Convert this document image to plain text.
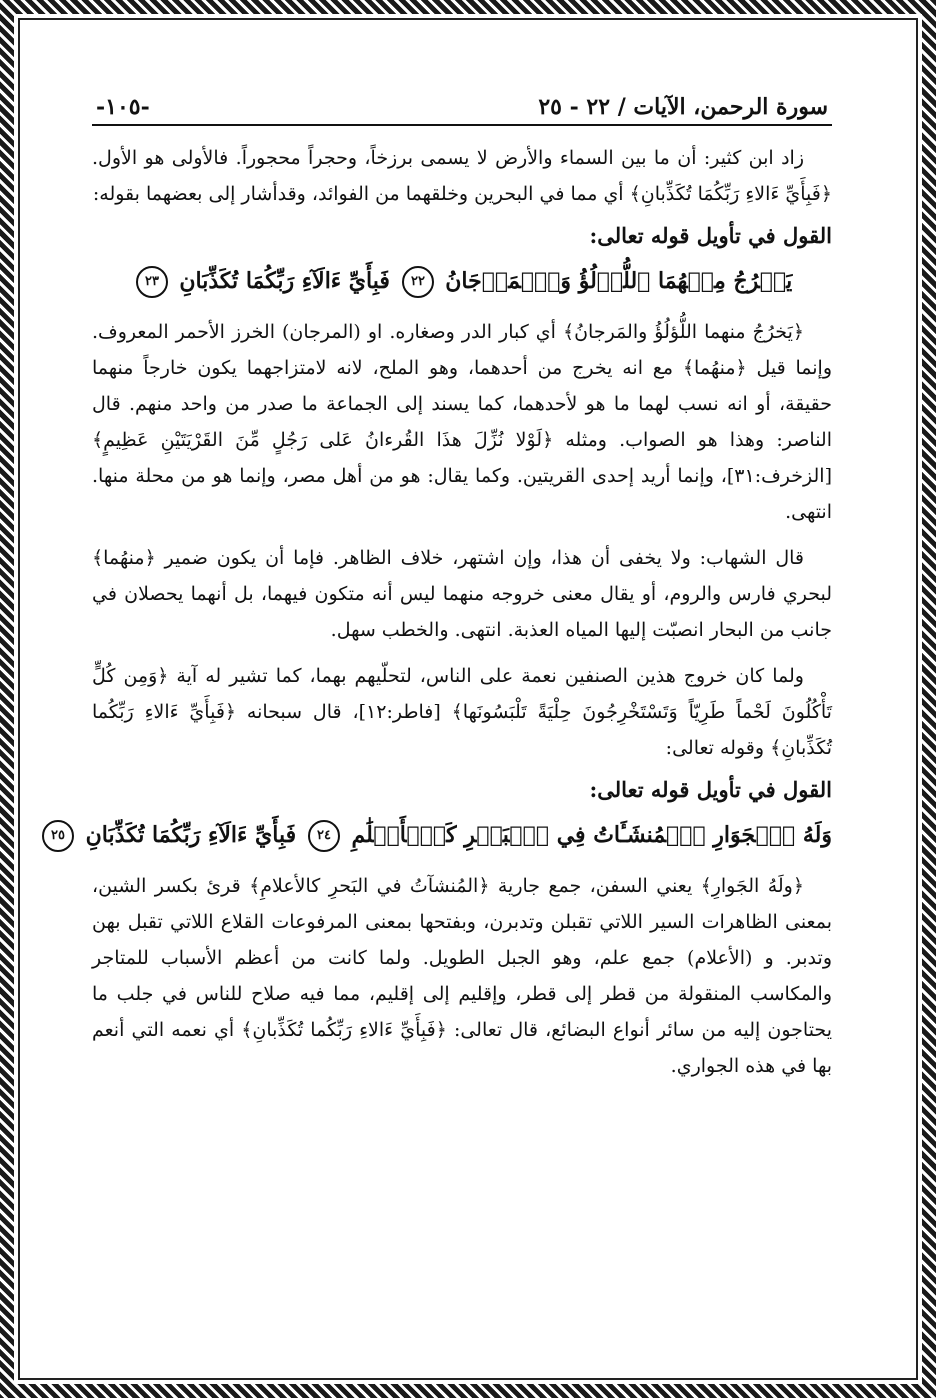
سورة الرحمن، الآيات / ٢٢ - ٢٥
-١٠٥-

زاد ابن كثير: أن ما بين السماء والأرض لا يسمى برزخاً، وحجراً محجوراً. فالأولى هو الأول. ﴿فَبِأَيِّ ءَالاءِ رَبِّكُمَا تُكَذِّبانِ﴾ أي مما في البحرين وخلقهما من الفوائد، وقدأشار إلى بعضهما بقوله:

القول في تأويل قوله تعالى:
يَخۡرُجُ مِنۡهُمَا ٱللُّؤۡلُؤُ وَٱلۡمَرۡجَانُ ٢٢ فَبِأَيِّ ءَالَآءِ رَبِّكُمَا تُكَذِّبَانِ ٢٣

﴿يَخرُجُ منهما اللُّؤلُؤُ والمَرجانُ﴾ أي كبار الدر وصغاره. او (المرجان) الخرز الأحمر المعروف. وإنما قيل ﴿منهُما﴾ مع انه يخرج من أحدهما، وهو الملح، لانه لامتزاجهما يكون خارجاً منهما حقيقة، أو انه نسب لهما ما هو لأحدهما، كما يسند إلى الجماعة ما صدر من واحد منهم. قال الناصر: وهذا هو الصواب. ومثله ﴿لَوْلا نُزِّلَ هذَا القُرءانُ عَلى رَجُلٍ مِّنَ القَرْيَتَيْنِ عَظِيمٍ﴾ [الزخرف:٣١]، وإنما أريد إحدى القريتين. وكما يقال: هو من أهل مصر، وإنما هو من محلة منها. انتهى.

قال الشهاب: ولا يخفى أن هذا، وإن اشتهر، خلاف الظاهر. فإما أن يكون ضمير ﴿منهُما﴾ لبحري فارس والروم، أو يقال معنى خروجه منهما ليس أنه متكون فيهما، بل أنهما يحصلان في جانب من البحار انصبّت إليها المياه العذبة. انتهى. والخطب سهل.

ولما كان خروج هذين الصنفين نعمة على الناس، لتحلّيهم بهما، كما تشير له آية ﴿وَمِن كُلٍّ تَأْكُلُونَ لَحْماً طَرِيّاً وَتَسْتَخْرِجُونَ حِلْيَةً تَلْبَسُونَها﴾ [فاطر:١٢]، قال سبحانه ﴿فَبِأَيِّ ءَالاءِ رَبِّكُما تُكَذِّبانِ﴾ وقوله تعالى:

القول في تأويل قوله تعالى:
وَلَهُ ٱلۡجَوَارِ ٱلۡمُنشَـَٔاتُ فِي ٱلۡبَحۡرِ كَٱلۡأَعۡلَٰمِ ٢٤ فَبِأَيِّ ءَالَآءِ رَبِّكُمَا تُكَذِّبَانِ ٢٥

﴿ولَهُ الجَوارِ﴾ يعني السفن، جمع جارية ﴿المُنشآتُ في البَحرِ كالأعلامِ﴾ قرئ بكسر الشين، بمعنى الظاهرات السير اللاتي تقبلن وتدبرن، وبفتحها بمعنى المرفوعات القلاع اللاتي تقبل بهن وتدبر. و (الأعلام) جمع علم، وهو الجبل الطويل. ولما كانت من أعظم الأسباب للمتاجر والمكاسب المنقولة من قطر إلى قطر، وإقليم إلى إقليم، مما فيه صلاح للناس في جلب ما يحتاجون إليه من سائر أنواع البضائع، قال تعالى: ﴿فَبِأَيِّ ءَالاءِ رَبِّكُما تُكَذِّبانِ﴾ أي نعمه التي أنعم بها في هذه الجواري.
